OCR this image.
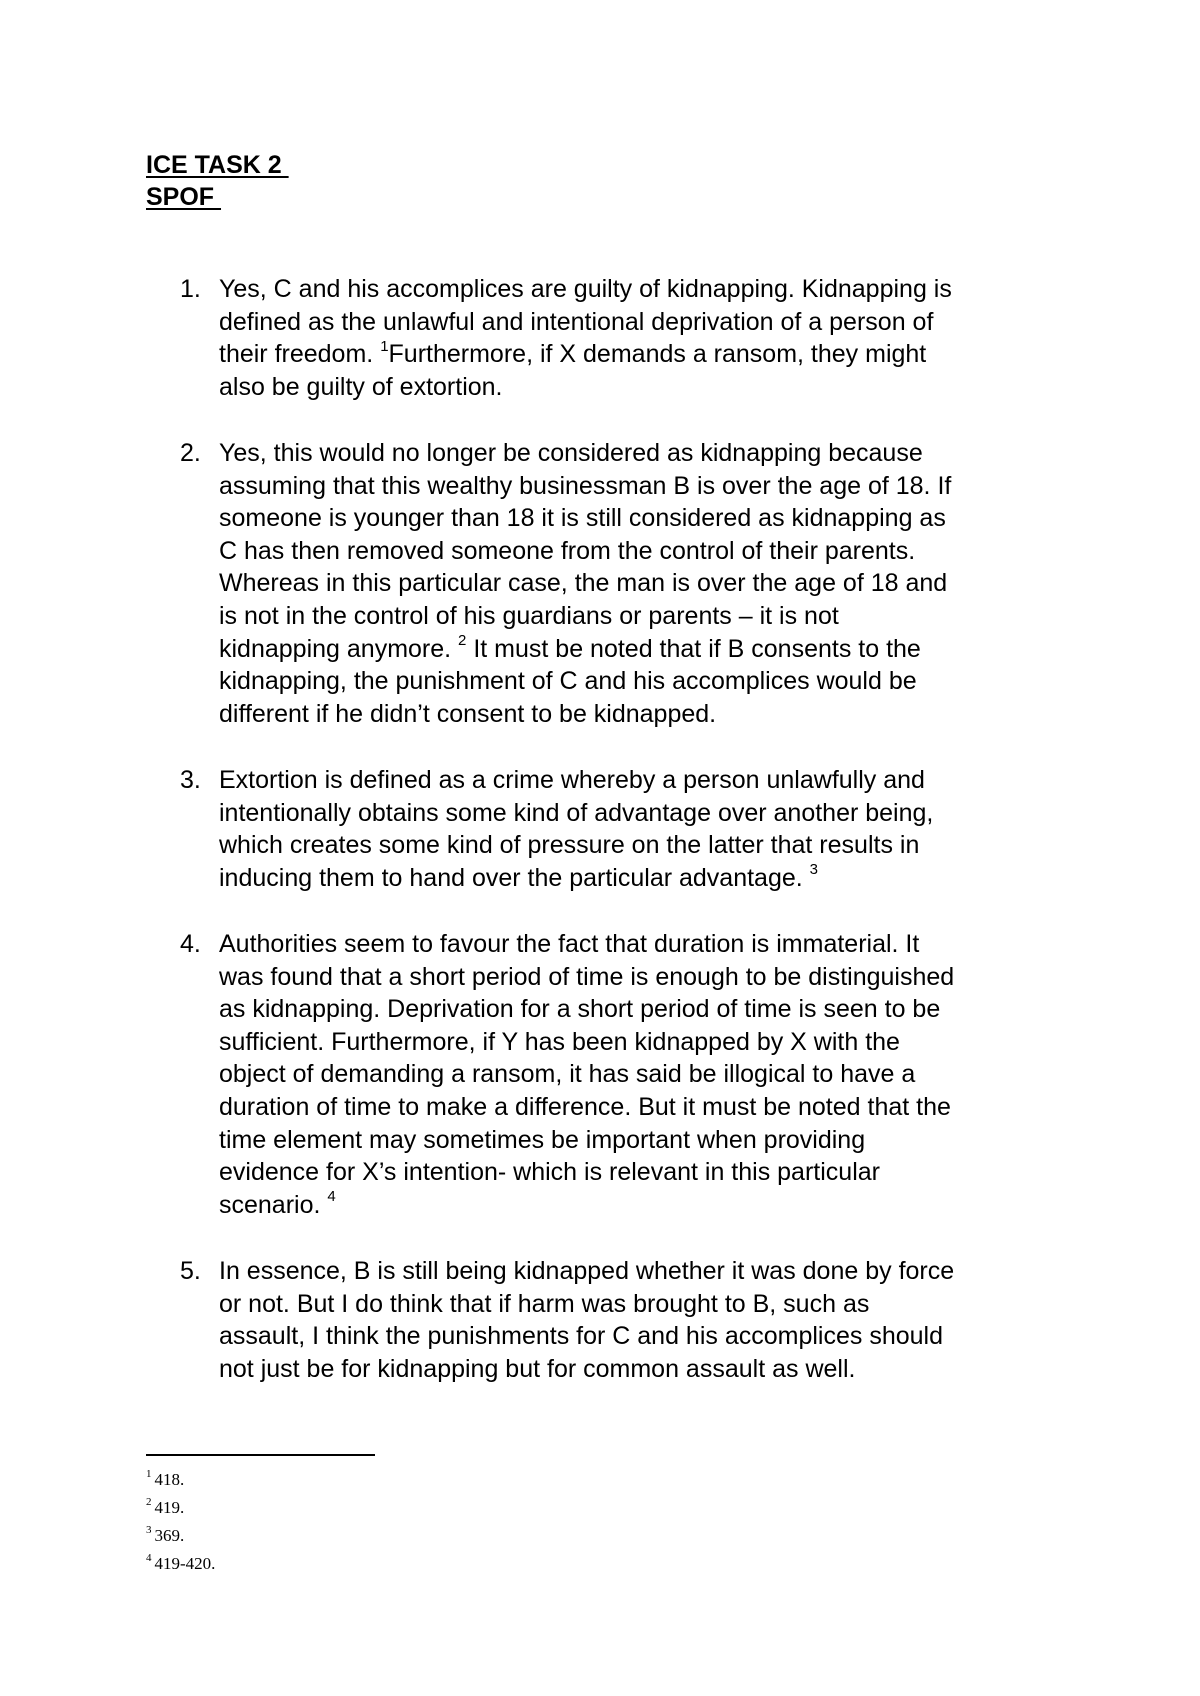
ICE TASK 2
SPOF
1. Yes, C and his accomplices are guilty of kidnapping. Kidnapping is
defined as the unlawful and intentional deprivation of a person of
their freedom. $^1$Furthermore, if X demands a ransom, they might
also be guilty of extortion.
2. Yes, this would no longer be considered as kidnapping because
assuming that this wealthy businessman B is over the age of 18. If
someone is younger than 18 it is still considered as kidnapping as
C has then removed someone from the control of their parents.
Whereas in this particular case, the man is over the age of 18 and
is not in the control of his guardians or parents – it is not
kidnapping anymore. $^2$ It must be noted that if B consents to the
kidnapping, the punishment of C and his accomplices would be
different if he didn’t consent to be kidnapped.
3. Extortion is defined as a crime whereby a person unlawfully and
intentionally obtains some kind of advantage over another being,
which creates some kind of pressure on the latter that results in
inducing them to hand over the particular advantage. $^3$
4. Authorities seem to favour the fact that duration is immaterial. It
was found that a short period of time is enough to be distinguished
as kidnapping. Deprivation for a short period of time is seen to be
sufficient. Furthermore, if Y has been kidnapped by X with the
object of demanding a ransom, it has said be illogical to have a
duration of time to make a difference. But it must be noted that the
time element may sometimes be important when providing
evidence for X’s intention- which is relevant in this particular
scenario. $^4$
5. In essence, B is still being kidnapped whether it was done by force
or not. But I do think that if harm was brought to B, such as
assault, I think the punishments for C and his accomplices should
not just be for kidnapping but for common assault as well.
$^1$ 418.
$^2$ 419.
$^3$ 369.
$^4$ 419-420.
